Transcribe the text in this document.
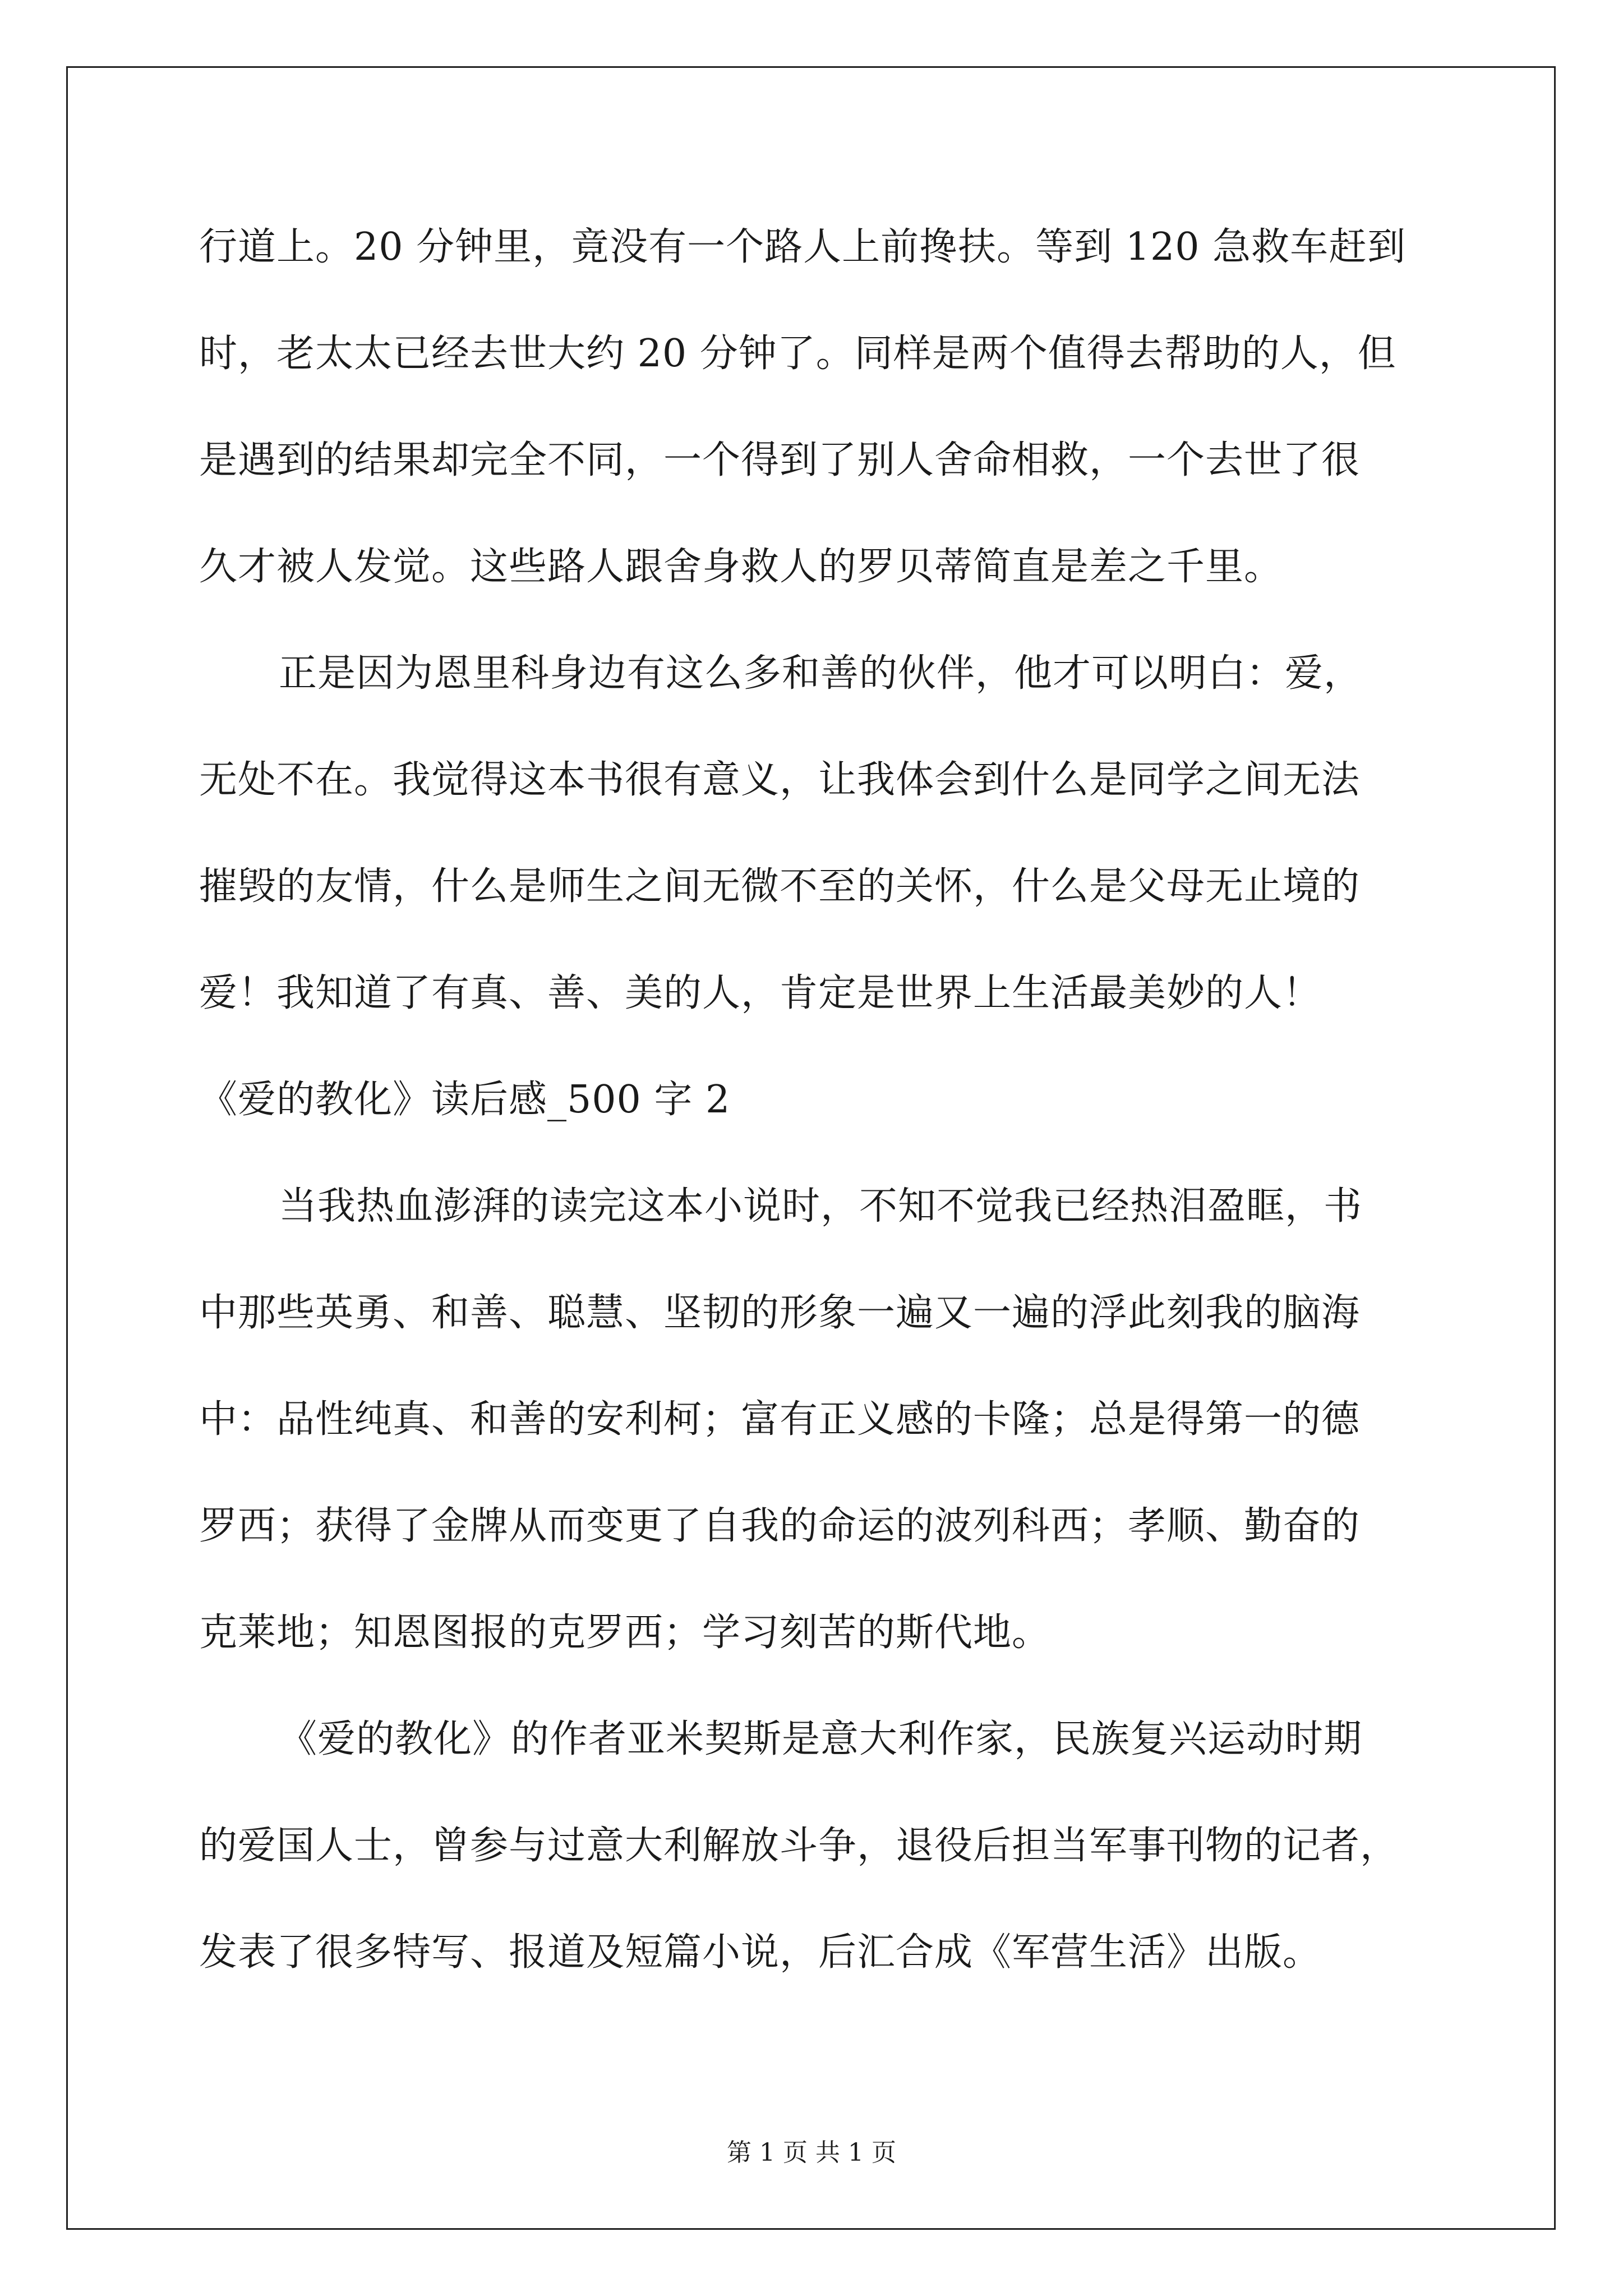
行道上。20 分钟里，竟没有一个路人上前搀扶。等到 120 急救车赶到
时，老太太已经去世大约 20 分钟了。同样是两个值得去帮助的人，但
是遇到的结果却完全不同，一个得到了别人舍命相救，一个去世了很
久才被人发觉。这些路人跟舍身救人的罗贝蒂简直是差之千里。
正是因为恩里科身边有这么多和善的伙伴，他才可以明白：爱，
无处不在。我觉得这本书很有意义，让我体会到什么是同学之间无法
摧毁的友情，什么是师生之间无微不至的关怀，什么是父母无止境的
爱！我知道了有真、善、美的人，肯定是世界上生活最美妙的人！
《爱的教化》读后感_500 字 2
当我热血澎湃的读完这本小说时，不知不觉我已经热泪盈眶，书
中那些英勇、和善、聪慧、坚韧的形象一遍又一遍的浮此刻我的脑海
中：品性纯真、和善的安利柯；富有正义感的卡隆；总是得第一的德
罗西；获得了金牌从而变更了自我的命运的波列科西；孝顺、勤奋的
克莱地；知恩图报的克罗西；学习刻苦的斯代地。
《爱的教化》的作者亚米契斯是意大利作家，民族复兴运动时期
的爱国人士，曾参与过意大利解放斗争，退役后担当军事刊物的记者，
发表了很多特写、报道及短篇小说，后汇合成《军营生活》出版。
第 1 页 共 1 页
